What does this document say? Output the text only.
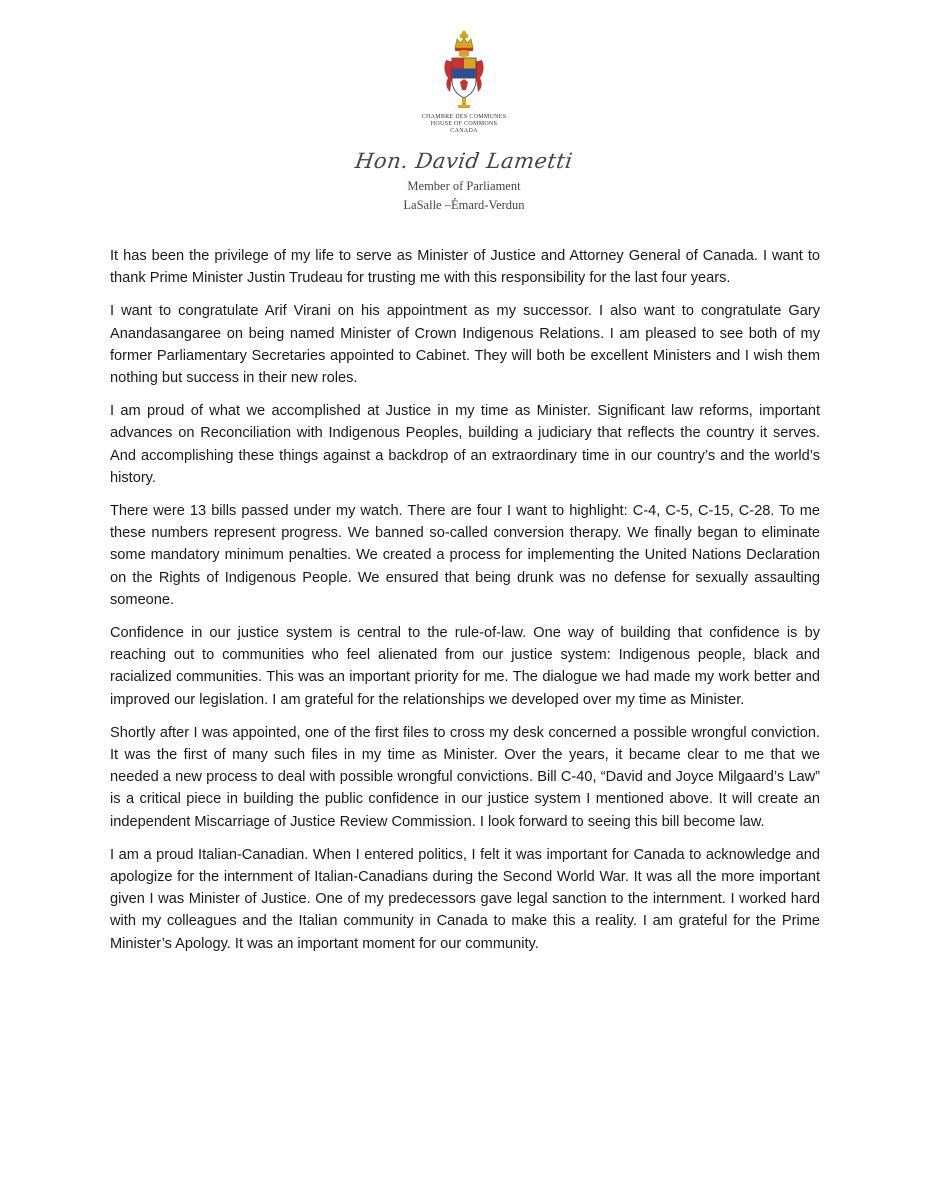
CHAMBRE DES COMMUNES
HOUSE OF COMMONS
CANADA
Hon. David Lametti
Member of Parliament
LaSalle –Émard-Verdun

It has been the privilege of my life to serve as Minister of Justice and Attorney General of Canada. I want to thank Prime Minister Justin Trudeau for trusting me with this responsibility for the last four years.

I want to congratulate Arif Virani on his appointment as my successor. I also want to congratulate Gary Anandasangaree on being named Minister of Crown Indigenous Relations. I am pleased to see both of my former Parliamentary Secretaries appointed to Cabinet. They will both be excellent Ministers and I wish them nothing but success in their new roles.

I am proud of what we accomplished at Justice in my time as Minister. Significant law reforms, important advances on Reconciliation with Indigenous Peoples, building a judiciary that reflects the country it serves. And accomplishing these things against a backdrop of an extraordinary time in our country’s and the world’s history.

There were 13 bills passed under my watch. There are four I want to highlight: C-4, C-5, C-15, C-28. To me these numbers represent progress. We banned so-called conversion therapy. We finally began to eliminate some mandatory minimum penalties. We created a process for implementing the United Nations Declaration on the Rights of Indigenous People. We ensured that being drunk was no defense for sexually assaulting someone.

Confidence in our justice system is central to the rule-of-law. One way of building that confidence is by reaching out to communities who feel alienated from our justice system: Indigenous people, black and racialized communities. This was an important priority for me. The dialogue we had made my work better and improved our legislation. I am grateful for the relationships we developed over my time as Minister.

Shortly after I was appointed, one of the first files to cross my desk concerned a possible wrongful conviction. It was the first of many such files in my time as Minister. Over the years, it became clear to me that we needed a new process to deal with possible wrongful convictions. Bill C-40, “David and Joyce Milgaard’s Law” is a critical piece in building the public confidence in our justice system I mentioned above. It will create an independent Miscarriage of Justice Review Commission. I look forward to seeing this bill become law.

I am a proud Italian-Canadian. When I entered politics, I felt it was important for Canada to acknowledge and apologize for the internment of Italian-Canadians during the Second World War. It was all the more important given I was Minister of Justice. One of my predecessors gave legal sanction to the internment. I worked hard with my colleagues and the Italian community in Canada to make this a reality. I am grateful for the Prime Minister’s Apology. It was an important moment for our community.
